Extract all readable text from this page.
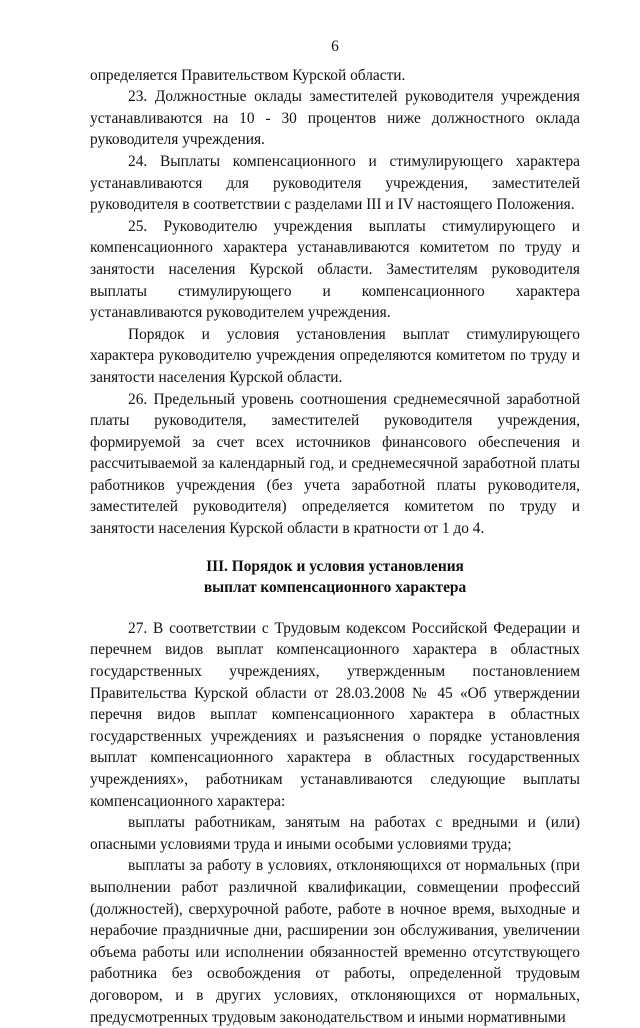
6

определяется Правительством Курской области.

23. Должностные оклады заместителей руководителя учреждения устанавливаются на 10 - 30 процентов ниже должностного оклада руководителя учреждения.

24. Выплаты компенсационного и стимулирующего характера устанавливаются для руководителя учреждения, заместителей руководителя в соответствии с разделами III и IV настоящего Положения.

25. Руководителю учреждения выплаты стимулирующего и компенсационного характера устанавливаются комитетом по труду и занятости населения Курской области. Заместителям руководителя выплаты стимулирующего и компенсационного характера устанавливаются руководителем учреждения.

Порядок и условия установления выплат стимулирующего характера руководителю учреждения определяются комитетом по труду и занятости населения Курской области.

26. Предельный уровень соотношения среднемесячной заработной платы руководителя, заместителей руководителя учреждения, формируемой за счет всех источников финансового обеспечения и рассчитываемой за календарный год, и среднемесячной заработной платы работников учреждения (без учета заработной платы руководителя, заместителей руководителя) определяется комитетом по труду и занятости населения Курской области в кратности от 1 до 4.

III. Порядок и условия установления
выплат компенсационного характера

27. В соответствии с Трудовым кодексом Российской Федерации и перечнем видов выплат компенсационного характера в областных государственных учреждениях, утвержденным постановлением Правительства Курской области от 28.03.2008 № 45 «Об утверждении перечня видов выплат компенсационного характера в областных государственных учреждениях и разъяснения о порядке установления выплат компенсационного характера в областных государственных учреждениях», работникам устанавливаются следующие выплаты компенсационного характера:

выплаты работникам, занятым на работах с вредными и (или) опасными условиями труда и иными особыми условиями труда;

выплаты за работу в условиях, отклоняющихся от нормальных (при выполнении работ различной квалификации, совмещении профессий (должностей), сверхурочной работе, работе в ночное время, выходные и нерабочие праздничные дни, расширении зон обслуживания, увеличении объема работы или исполнении обязанностей временно отсутствующего работника без освобождения от работы, определенной трудовым договором, и в других условиях, отклоняющихся от нормальных, предусмотренных трудовым законодательством и иными нормативными
